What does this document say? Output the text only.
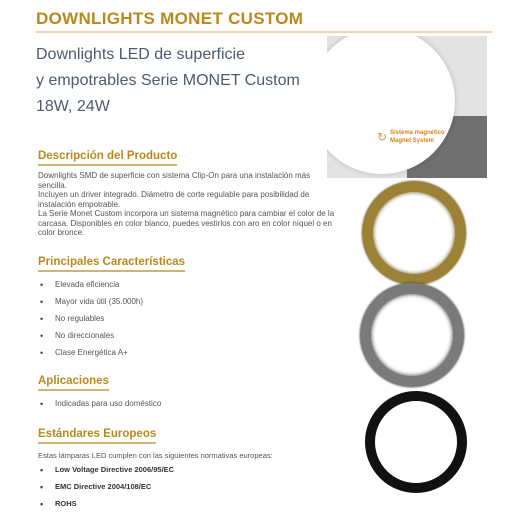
DOWNLIGHTS MONET CUSTOM
Downlights LED de superficie
y empotrables Serie MONET Custom
18W, 24W
↻ Sistema magnético
Magnet System
Descripción del Producto
Downlights SMD de superficie con sistema Clip-On para una instalación más sencilla.
Incluyen un driver integrado. Diámetro de corte regulable para posibilidad de instalación empotrable.
La Serie Monet Custom incorpora un sistema magnético para cambiar el color de la carcasa. Disponibles en color blanco, puedes vestirlos con aro en color níquel o en color bronce.
Principales Características
• Elevada eficiencia
• Mayor vida útil (35.000h)
• No regulables
• No direccionales
• Clase Energética A+
Aplicaciones
• Indicadas para uso doméstico
Estándares Europeos
Estas lámparas LED cumplen con las siguientes normativas europeas:
• Low Voltage Directive 2006/95/EC
• EMC Directive 2004/108/EC
• ROHS
